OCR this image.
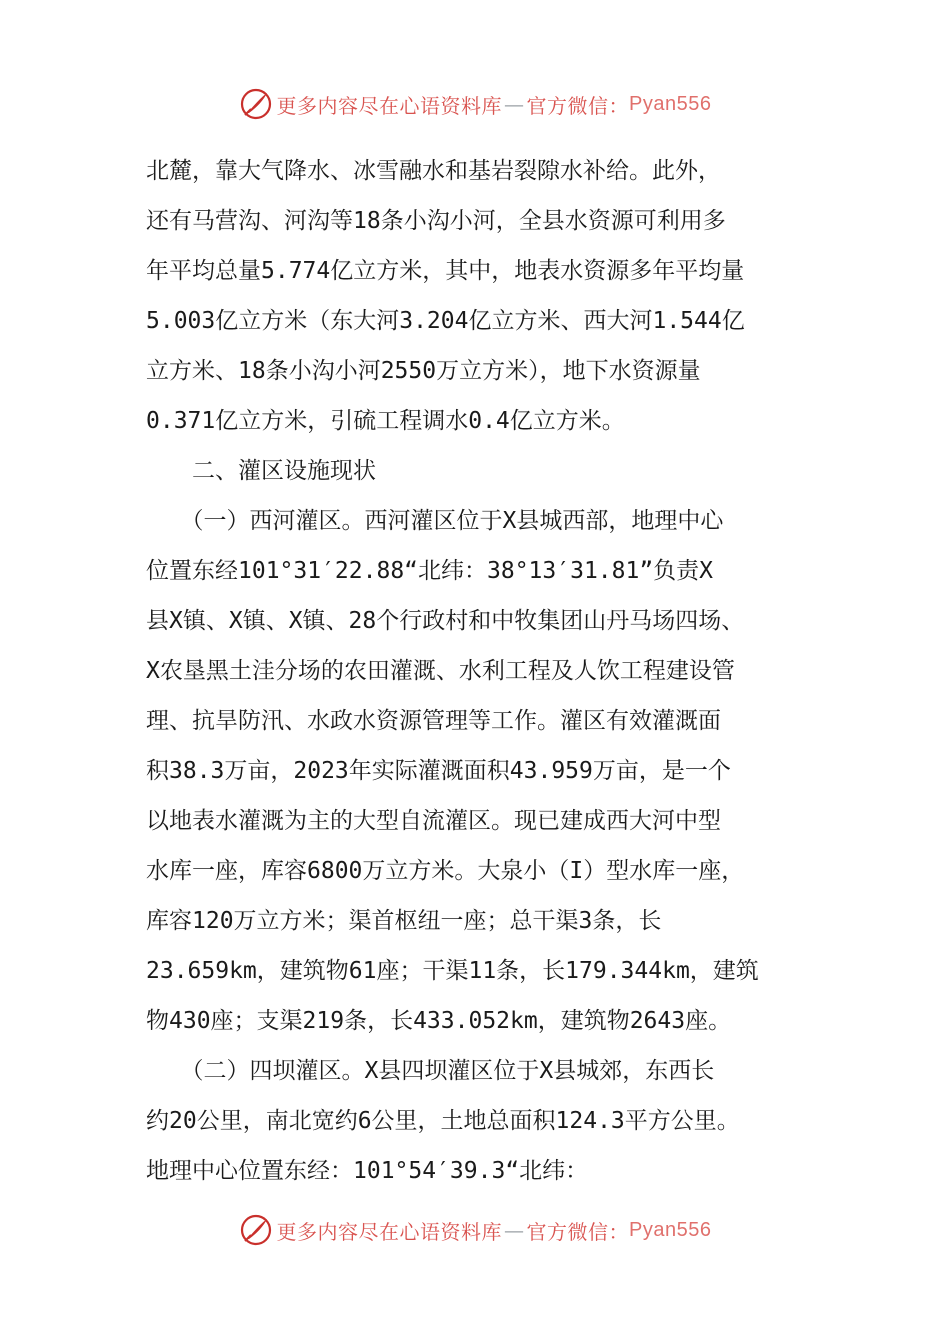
更多内容尽在心语资料库 — 官方微信： Pyan556
北麓，靠大气降水、冰雪融水和基岩裂隙水补给。此外，
还有马营沟、河沟等18条小沟小河，全县水资源可利用多
年平均总量5.774亿立方米，其中，地表水资源多年平均量
5.003亿立方米（东大河3.204亿立方米、西大河1.544亿
立方米、18条小沟小河2550万立方米），地下水资源量
0.371亿立方米，引硫工程调水0.4亿立方米。
　　二、灌区设施现状
　　（一）西河灌区。西河灌区位于X县城西部，地理中心
位置东经101°31′22.88“北纬：38°13′31.81”负责X
县X镇、X镇、X镇、28个行政村和中牧集团山丹马场四场、
X农垦黑土洼分场的农田灌溉、水利工程及人饮工程建设管
理、抗旱防汛、水政水资源管理等工作。灌区有效灌溉面
积38.3万亩，2023年实际灌溉面积43.959万亩，是一个
以地表水灌溉为主的大型自流灌区。现已建成西大河中型
水库一座，库容6800万立方米。大泉小（I）型水库一座，
库容120万立方米；渠首枢纽一座；总干渠3条，长
23.659km，建筑物61座；干渠11条，长179.344km，建筑
物430座；支渠219条，长433.052km，建筑物2643座。
　　（二）四坝灌区。X县四坝灌区位于X县城郊，东西长
约20公里，南北宽约6公里，土地总面积124.3平方公里。
地理中心位置东经：101°54′39.3“北纬：
更多内容尽在心语资料库 — 官方微信： Pyan556
